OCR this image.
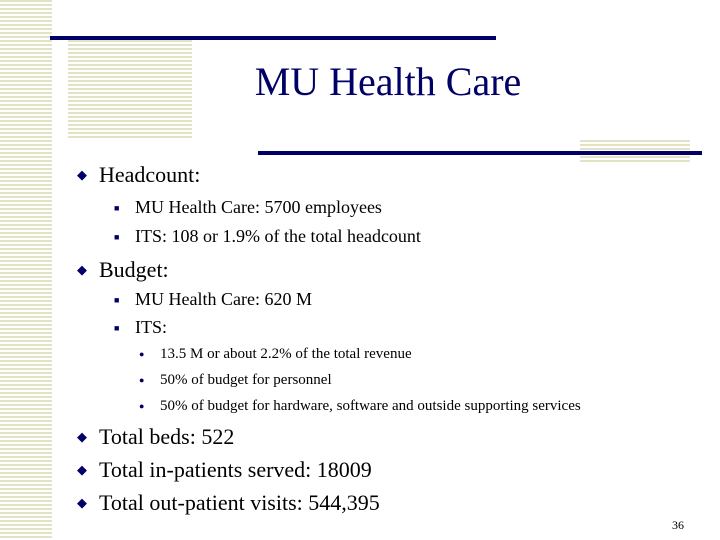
MU Health Care
◆ Headcount:
■ MU Health Care: 5700 employees
■ ITS: 108 or 1.9% of the total headcount
◆ Budget:
■ MU Health Care: 620 M
■ ITS:
● 13.5 M or about 2.2% of the total revenue
● 50% of budget for personnel
● 50% of budget for hardware, software and outside supporting services
◆ Total beds: 522
◆ Total in-patients served: 18009
◆ Total out-patient visits: 544,395
36
